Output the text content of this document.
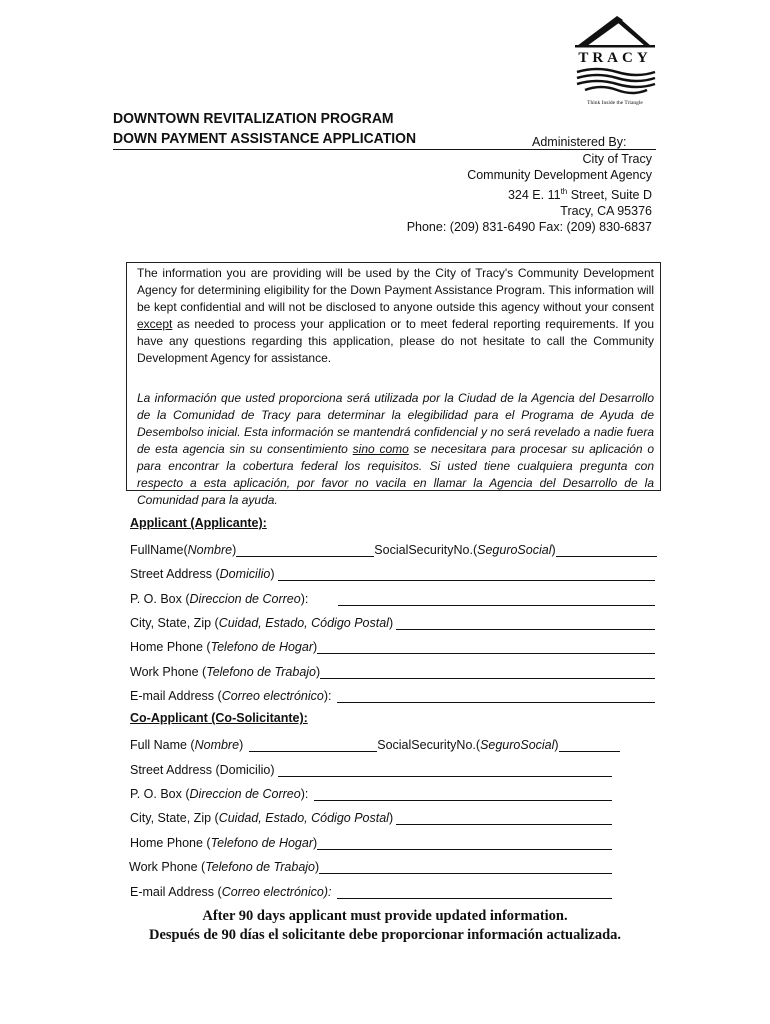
TRACY
Think Inside the Triangle
DOWNTOWN REVITALIZATION PROGRAM
DOWN PAYMENT ASSISTANCE APPLICATION	Administered By:
City of Tracy
Community Development Agency
324 E. 11th Street, Suite D
Tracy, CA 95376
Phone: (209) 831-6490 Fax: (209) 830-6837

The information you are providing will be used by the City of Tracy's Community Development Agency for determining eligibility for the Down Payment Assistance Program. This information will be kept confidential and will not be disclosed to anyone outside this agency without your consent except as needed to process your application or to meet federal reporting requirements. If you have any questions regarding this application, please do not hesitate to call the Community Development Agency for assistance.

La información que usted proporciona será utilizada por la Ciudad de la Agencia del Desarrollo de la Comunidad de Tracy para determinar la elegibilidad para el Programa de Ayuda de Desembolso inicial. Esta información se mantendrá confidencial y no será revelado a nadie fuera de esta agencia sin su consentimiento sino como se necesitara para procesar su aplicación o para encontrar la cobertura federal los requisitos. Si usted tiene cualquiera pregunta con respecto a esta aplicación, por favor no vacila en llamar la Agencia del Desarrollo de la Comunidad para la ayuda.

Applicant (Applicante):
FullName(Nombre)	SocialSecurityNo.(SeguroSocial)
Street Address (Domicilio)
P. O. Box (Direccion de Correo):
City, State, Zip (Cuidad, Estado, Código Postal)
Home Phone (Telefono de Hogar)
Work Phone (Telefono de Trabajo)
E-mail Address (Correo electrónico):
Co-Applicant (Co-Solicitante):
Full Name (Nombre)	SocialSecurityNo.(SeguroSocial)
Street Address (Domicilio)
P. O. Box (Direccion de Correo):
City, State, Zip (Cuidad, Estado, Código Postal)
Home Phone (Telefono de Hogar)
Work Phone (Telefono de Trabajo)
E-mail Address (Correo electrónico):
After 90 days applicant must provide updated information.
Después de 90 días el solicitante debe proporcionar información actualizada.
